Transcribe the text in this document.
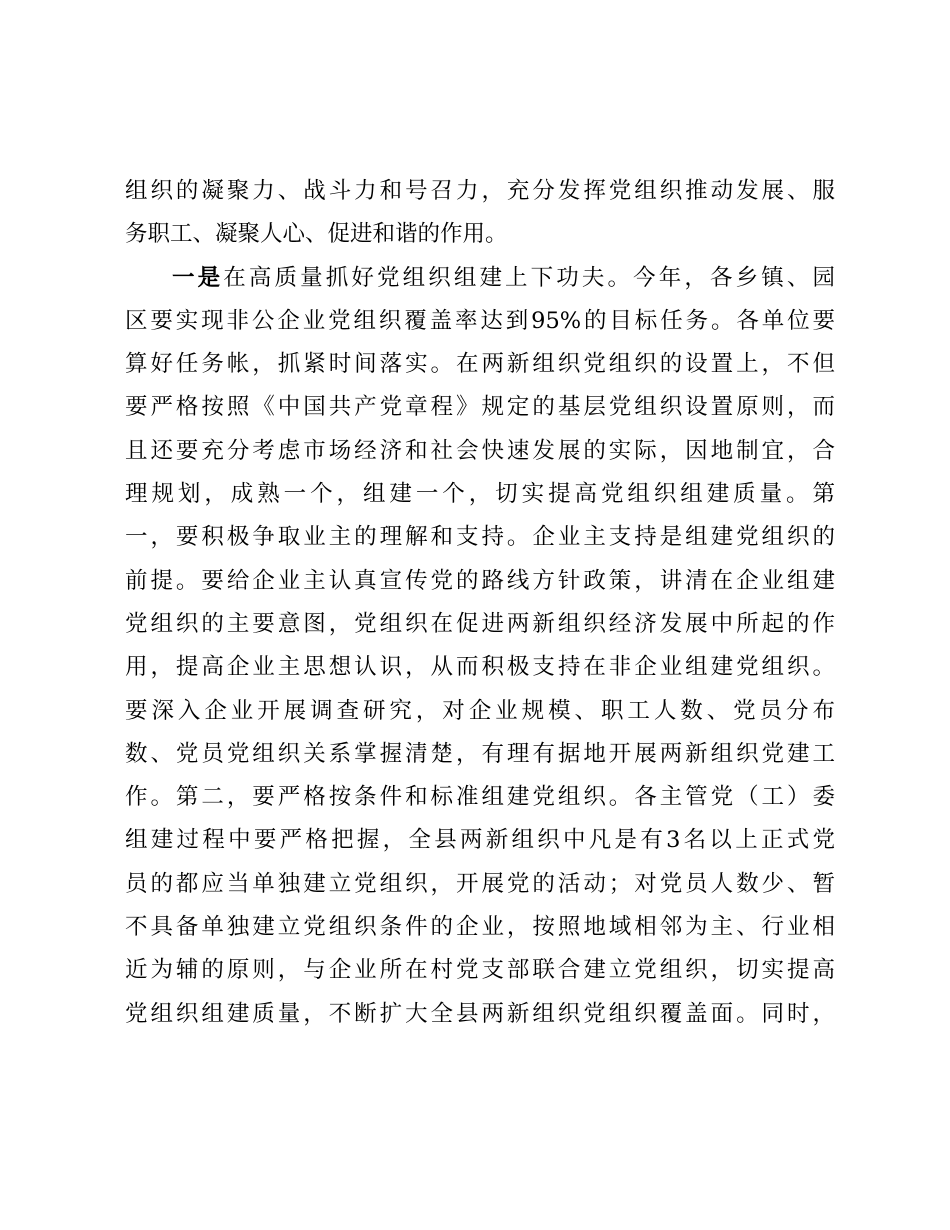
组织的凝聚力、战斗力和号召力，充分发挥党组织推动发展、服
务职工、凝聚人心、促进和谐的作用。
一是在高质量抓好党组织组建上下功夫。今年，各乡镇、园
区要实现非公企业党组织覆盖率达到95%的目标任务。各单位要
算好任务帐，抓紧时间落实。在两新组织党组织的设置上，不但
要严格按照《中国共产党章程》规定的基层党组织设置原则，而
且还要充分考虑市场经济和社会快速发展的实际，因地制宜，合
理规划，成熟一个，组建一个，切实提高党组织组建质量。第
一，要积极争取业主的理解和支持。企业主支持是组建党组织的
前提。要给企业主认真宣传党的路线方针政策，讲清在企业组建
党组织的主要意图，党组织在促进两新组织经济发展中所起的作
用，提高企业主思想认识，从而积极支持在非企业组建党组织。
要深入企业开展调查研究，对企业规模、职工人数、党员分布
数、党员党组织关系掌握清楚，有理有据地开展两新组织党建工
作。第二，要严格按条件和标准组建党组织。各主管党（工）委
组建过程中要严格把握，全县两新组织中凡是有3名以上正式党
员的都应当单独建立党组织，开展党的活动；对党员人数少、暂
不具备单独建立党组织条件的企业，按照地域相邻为主、行业相
近为辅的原则，与企业所在村党支部联合建立党组织，切实提高
党组织组建质量，不断扩大全县两新组织党组织覆盖面。同时，
